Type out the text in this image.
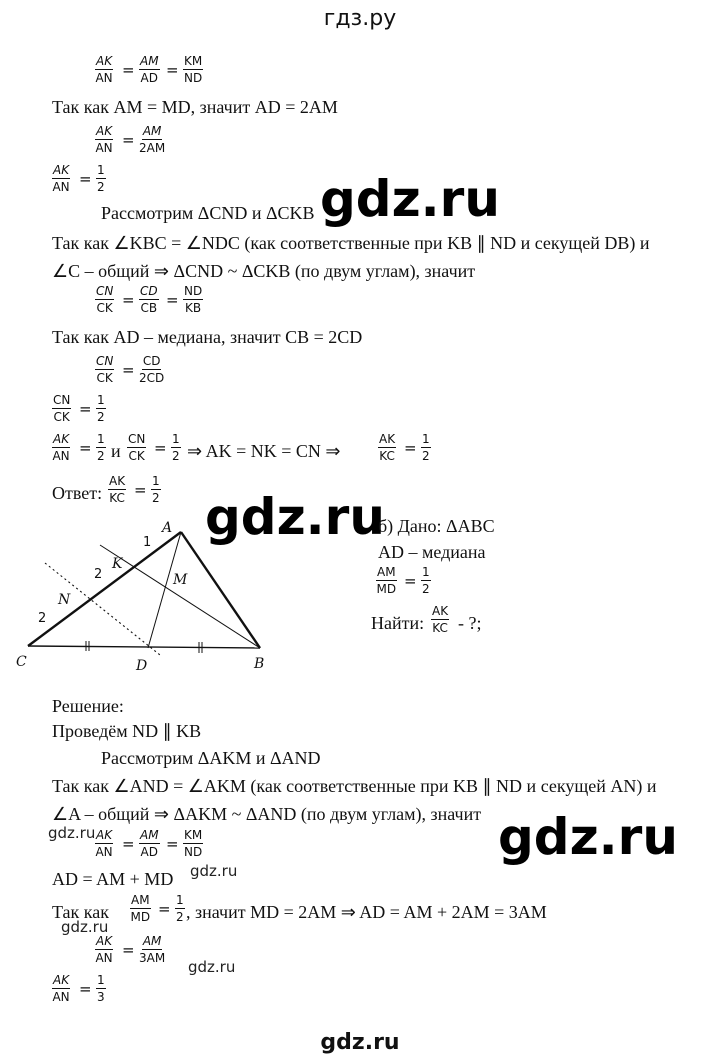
гдз.ру
$\frac{AK}{AN} = \frac{AM}{AD} = \frac{KM}{ND}$
Так как AM = MD, значит AD = 2AM
$\frac{AK}{AN} = \frac{AM}{2AM}$
$\frac{AK}{AN} = \frac{1}{2}$
Рассмотрим ΔCND и ΔCKB gdz.ru
Так как ∠KBC = ∠NDC (как соответственные при KB ∥ ND и секущей DB) и
∠C – общий ⇒ ΔCND ~ ΔCKB (по двум углам), значит
$\frac{CN}{CK} = \frac{CD}{CB} = \frac{ND}{KB}$
Так как AD – медиана, значит CB = 2CD
$\frac{CN}{CK} = \frac{CD}{2CD}$
$\frac{CN}{CK} = \frac{1}{2}$
$\frac{AK}{AN} = \frac{1}{2}$ и $\frac{CN}{CK} = \frac{1}{2}$ ⇒ AK = NK = CN ⇒	$\frac{AK}{KC} = \frac{1}{2}$
Ответ: $\frac{AK}{KC} = \frac{1}{2} gdz.ru$
A
B
C	D
K
M
N
1
2
2
б) Дано: ΔABC
AD – медиана
$\frac{AM}{MD} = \frac{1}{2}$
Найти: $\frac{AK}{KC}$ - ?;
Решение:
Проведём ND ∥ KB
Рассмотрим ΔAKM и ΔAND
Так как ∠AND = ∠AKM (как соответственные при KB ∥ ND и секущей AN) и
∠A – общий ⇒ ΔAKM ~ ΔAND (по двум углам), значит
gdz.ru	gdz.ru
$\frac{AK}{AN} = \frac{AM}{AD} = \frac{KM}{ND}$
gdz.ru
AD = AM + MD
Так как $\frac{AM}{MD} = \frac{1}{2}$ , значит MD = 2AM ⇒ AD = AM + 2AM = 3AM
gdz.ru
$\frac{AK}{AN} = \frac{AM}{3AM}$
gdz.ru
$\frac{AK}{AN} = \frac{1}{3}$
gdz.ru
